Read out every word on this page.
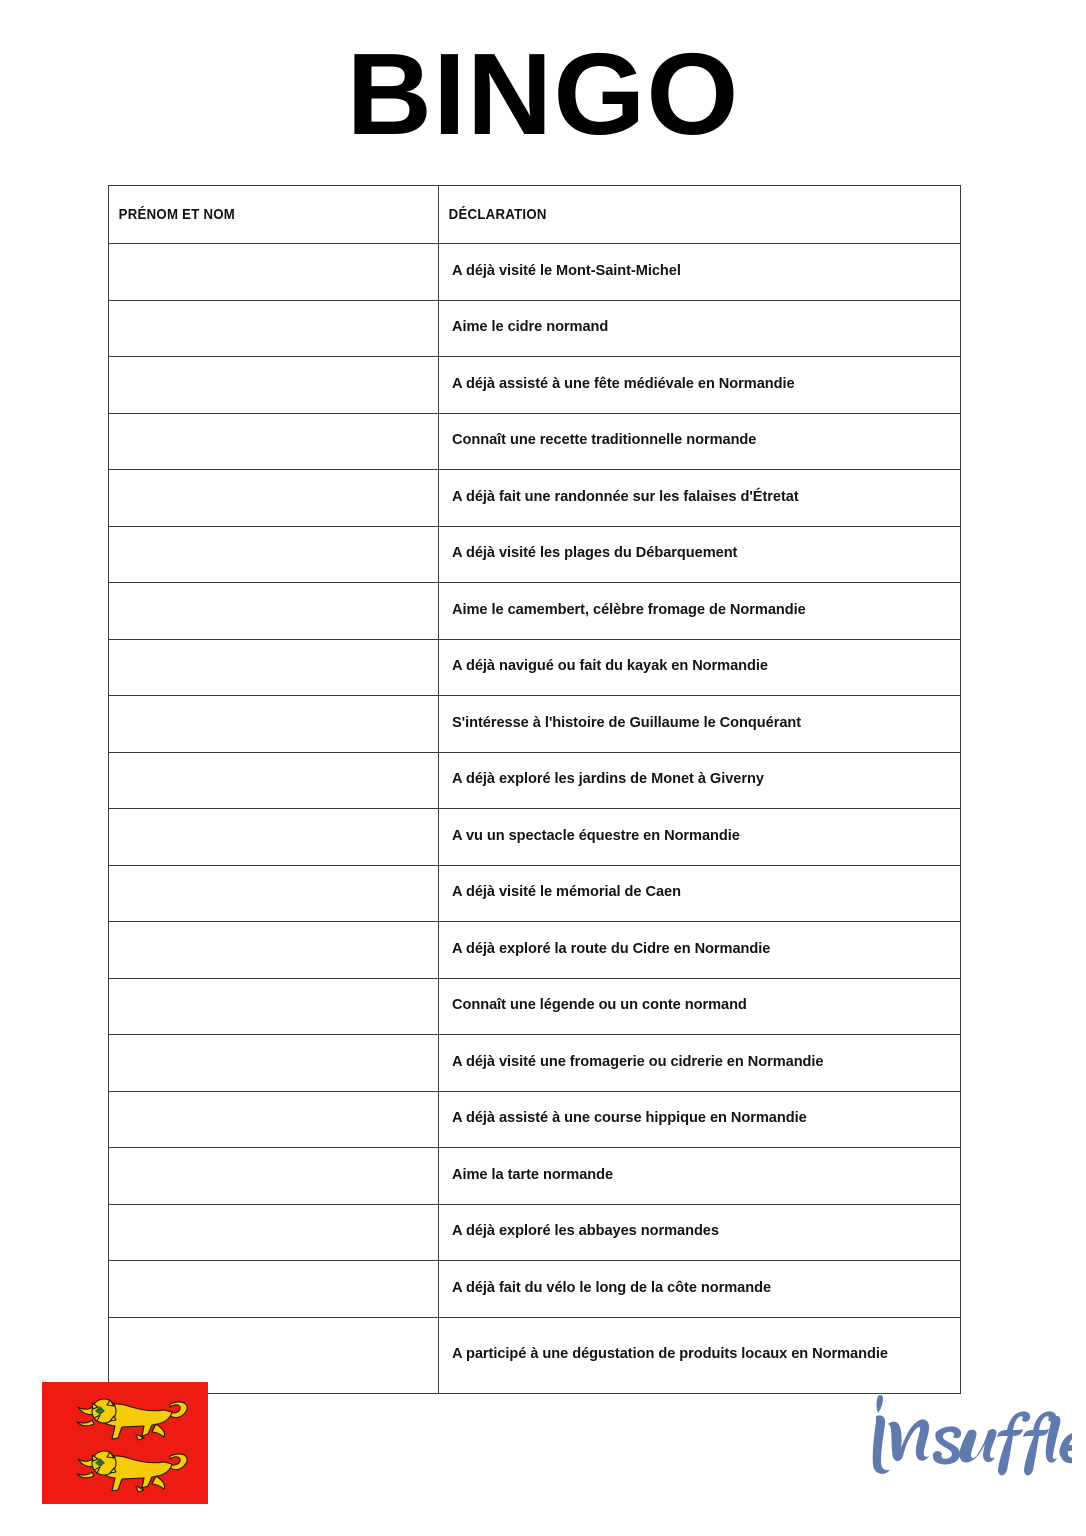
BINGO
PRÉNOM ET NOM	DÉCLARATION

	A déjà visité le Mont-Saint-Michel

	Aime le cidre normand

	A déjà assisté à une fête médiévale en Normandie

	Connaît une recette traditionnelle normande

	A déjà fait une randonnée sur les falaises d'Étretat

	A déjà visité les plages du Débarquement

	Aime le camembert, célèbre fromage de Normandie

	A déjà navigué ou fait du kayak en Normandie

	S'intéresse à l'histoire de Guillaume le Conquérant

	A déjà exploré les jardins de Monet à Giverny

	A vu un spectacle équestre en Normandie

	A déjà visité le mémorial de Caen

	A déjà exploré la route du Cidre en Normandie

	Connaît une légende ou un conte normand

	A déjà visité une fromagerie ou cidrerie en Normandie

	A déjà assisté à une course hippique en Normandie

	Aime la tarte normande

	A déjà exploré les abbayes normandes

	A déjà fait du vélo le long de la côte normande

	A participé à une dégustation de produits locaux en Normandie
